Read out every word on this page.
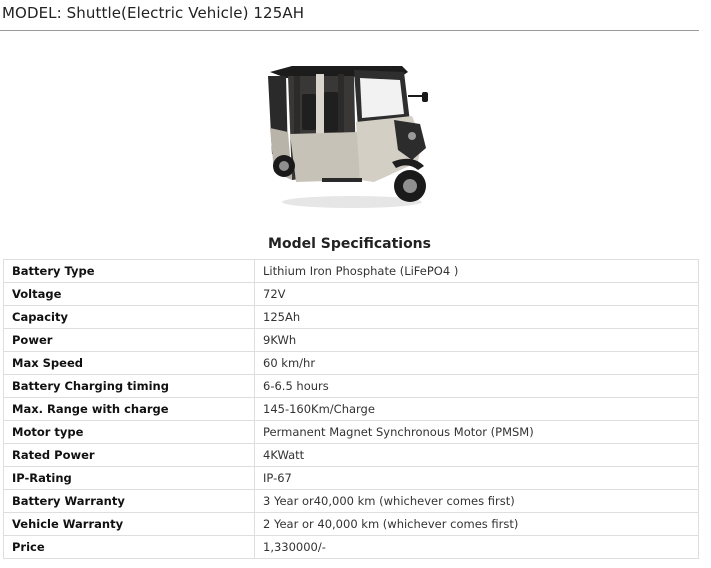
MODEL: Shuttle(Electric Vehicle) 125AH
Model Specifications
Battery Type	Lithium Iron Phosphate (LiFePO4 )
Voltage	72V
Capacity	125Ah
Power	9KWh
Max Speed	60 km/hr
Battery Charging timing	6-6.5 hours
Max. Range with charge	145-160Km/Charge
Motor type	Permanent Magnet Synchronous Motor (PMSM)
Rated Power	4KWatt
IP-Rating	IP-67
Battery Warranty	3 Year or40,000 km (whichever comes first)
Vehicle Warranty	2 Year or 40,000 km (whichever comes first)
Price	1,330000/-
